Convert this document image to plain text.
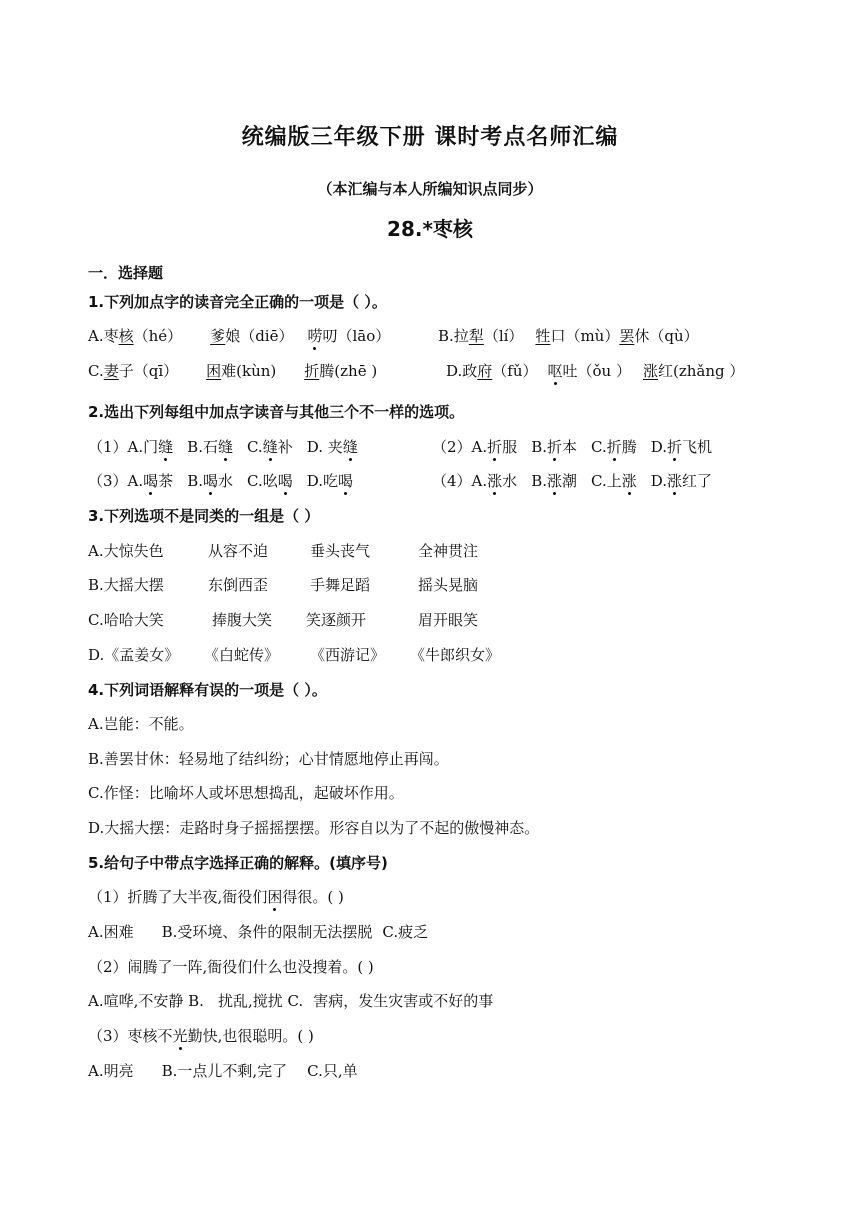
统编版三年级下册 课时考点名师汇编
（本汇编与本人所编知识点同步）
28.*枣核
一．选择题
1.下列加点字的读音完全正确的一项是（ ）。
A.枣核（hé） 爹娘（diē） 唠叨（lāo）	B.拉犁（lí） 牲口（mù）罢休（qù）
C.妻子（qī） 困难(kùn) 折腾(zhē )	D.政府（fǔ） 呕吐（ǒu ） 涨红(zhǎng ）
2.选出下列每组中加点字读音与其他三个不一样的选项。
（1）A.门缝 B.石缝 C.缝补 D. 夹缝	（2）A.折服 B.折本 C.折腾 D.折飞机
（3）A.喝茶 B.喝水 C.吆喝 D.吃喝	（4）A.涨水 B.涨潮 C.上涨 D.涨红了
3.下列选项不是同类的一组是（ ）
A.大惊失色	从容不迫	垂头丧气	全神贯注
B.大摇大摆	东倒西歪	手舞足蹈	摇头晃脑
C.哈哈大笑	捧腹大笑 笑逐颜开	眉开眼笑
D.《孟姜女》 《白蛇传》 《西游记》 《牛郎织女》
4.下列词语解释有误的一项是（ ）。
A.岂能：不能。
B.善罢甘休：轻易地了结纠纷；心甘情愿地停止再闯。
C.作怪：比喻坏人或坏思想捣乱，起破坏作用。
D.大摇大摆：走路时身子摇摇摆摆。形容自以为了不起的傲慢神态。
5.给句子中带点字选择正确的解释。(填序号)
（1）折腾了大半夜,衙役们困得很。( )
A.困难 B.受环境、条件的限制无法摆脱 C.疲乏
（2）闹腾了一阵,衙役们什么也没搜着。( )
A.喧哗,不安静 B. 扰乱,搅扰 C. 害病，发生灾害或不好的事
（3）枣核不光勤快,也很聪明。( )
A.明亮 B.一点儿不剩,完了 C.只,单
